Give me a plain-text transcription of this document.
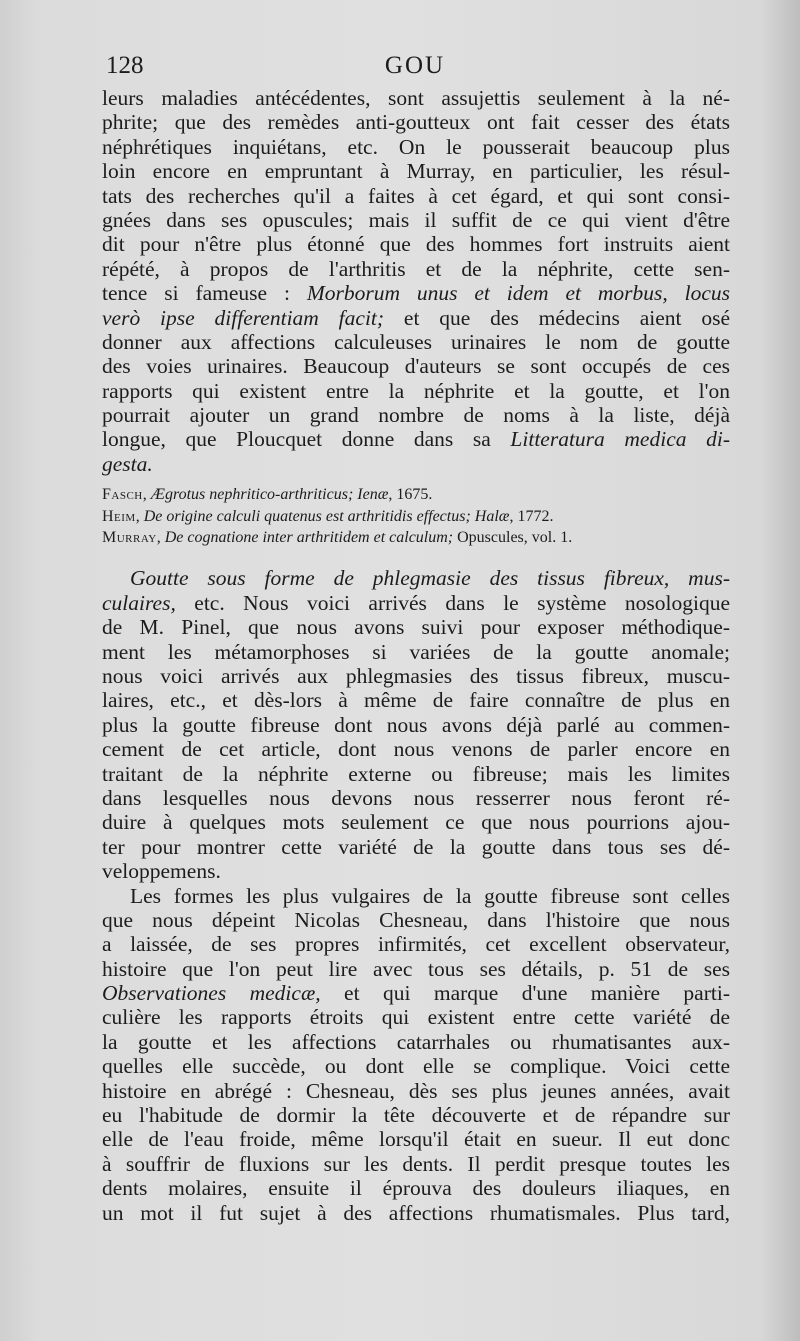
128	GOU
leurs maladies antécédentes, sont assujettis seulement à la né-
phrite; que des remèdes anti-goutteux ont fait cesser des états
néphrétiques inquiétans, etc. On le pousserait beaucoup plus
loin encore en empruntant à Murray, en particulier, les résul-
tats des recherches qu'il a faites à cet égard, et qui sont consi-
gnées dans ses opuscules; mais il suffit de ce qui vient d'être
dit pour n'être plus étonné que des hommes fort instruits aient
répété, à propos de l'arthritis et de la néphrite, cette sen-
tence si fameuse : Morborum unus et idem et morbus, locus
verò ipse differentiam facit; et que des médecins aient osé
donner aux affections calculeuses urinaires le nom de goutte
des voies urinaires. Beaucoup d'auteurs se sont occupés de ces
rapports qui existent entre la néphrite et la goutte, et l'on
pourrait ajouter un grand nombre de noms à la liste, déjà
longue, que Ploucquet donne dans sa Litteratura medica di-
gesta.
Fasch, Ægrotus nephritico-arthriticus; Ienæ, 1675.
Heim, De origine calculi quatenus est arthritidis effectus; Halæ, 1772.
Murray, De cognatione inter arthritidem et calculum; Opuscules, vol. 1.
Goutte sous forme de phlegmasie des tissus fibreux, mus-
culaires, etc. Nous voici arrivés dans le système nosologique
de M. Pinel, que nous avons suivi pour exposer méthodique-
ment les métamorphoses si variées de la goutte anomale;
nous voici arrivés aux phlegmasies des tissus fibreux, muscu-
laires, etc., et dès-lors à même de faire connaître de plus en
plus la goutte fibreuse dont nous avons déjà parlé au commen-
cement de cet article, dont nous venons de parler encore en
traitant de la néphrite externe ou fibreuse; mais les limites
dans lesquelles nous devons nous resserrer nous feront ré-
duire à quelques mots seulement ce que nous pourrions ajou-
ter pour montrer cette variété de la goutte dans tous ses dé-
veloppemens.
Les formes les plus vulgaires de la goutte fibreuse sont celles
que nous dépeint Nicolas Chesneau, dans l'histoire que nous
a laissée, de ses propres infirmités, cet excellent observateur,
histoire que l'on peut lire avec tous ses détails, p. 51 de ses
Observationes medicæ, et qui marque d'une manière parti-
culière les rapports étroits qui existent entre cette variété de
la goutte et les affections catarrhales ou rhumatisantes aux-
quelles elle succède, ou dont elle se complique. Voici cette
histoire en abrégé : Chesneau, dès ses plus jeunes années, avait
eu l'habitude de dormir la tête découverte et de répandre sur
elle de l'eau froide, même lorsqu'il était en sueur. Il eut donc
à souffrir de fluxions sur les dents. Il perdit presque toutes les
dents molaires, ensuite il éprouva des douleurs iliaques, en
un mot il fut sujet à des affections rhumatismales. Plus tard,
